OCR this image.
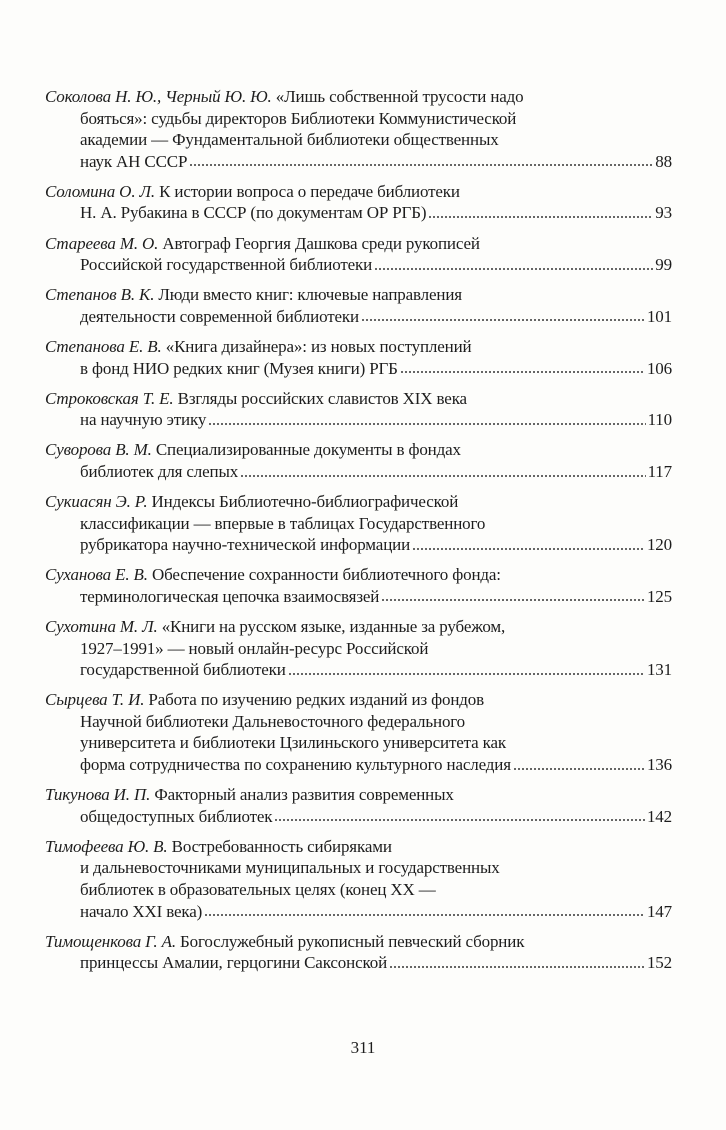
Соколова Н. Ю., Черный Ю. Ю. «Лишь собственной трусости надо
бояться»: судьбы директоров Библиотеки Коммунистической
академии — Фундаментальной библиотеки общественных
наук АН СССР	88
Соломина О. Л. К истории вопроса о передаче библиотеки
Н. А. Рубакина в СССР (по документам ОР РГБ)	93
Старeева М. О. Автограф Георгия Дашкова среди рукописей
Российской государственной библиотеки	99
Степанов В. К. Люди вместо книг: ключевые направления
деятельности современной библиотеки	101
Степанова Е. В. «Книга дизайнера»: из новых поступлений
в фонд НИО редких книг (Музея книги) РГБ	106
Строковская Т. Е. Взгляды российских славистов XIX века
на научную этику	110
Суворова В. М. Специализированные документы в фондах
библиотек для слепых	117
Сукиасян Э. Р. Индексы Библиотечно-библиографической
классификации — впервые в таблицах Государственного
рубрикатора научно-технической информации	120
Суханова Е. В. Обеспечение сохранности библиотечного фонда:
терминологическая цепочка взаимосвязей	125
Сухотина М. Л. «Книги на русском языке, изданные за рубежом,
1927–1991» — новый онлайн-ресурс Российской
государственной библиотеки	131
Сырцева Т. И. Работа по изучению редких изданий из фондов
Научной библиотеки Дальневосточного федерального
университета и библиотеки Цзилиньского университета как
форма сотрудничества по сохранению культурного наследия	136
Тикунова И. П. Факторный анализ развития современных
общедоступных библиотек	142
Тимофеева Ю. В. Востребованность сибиряками
и дальневосточниками муниципальных и государственных
библиотек в образовательных целях (конец XX —
начало XXI века)	147
Тимощенкова Г. А. Богослужебный рукописный певческий сборник
принцессы Амалии, герцогини Саксонской	152
311
